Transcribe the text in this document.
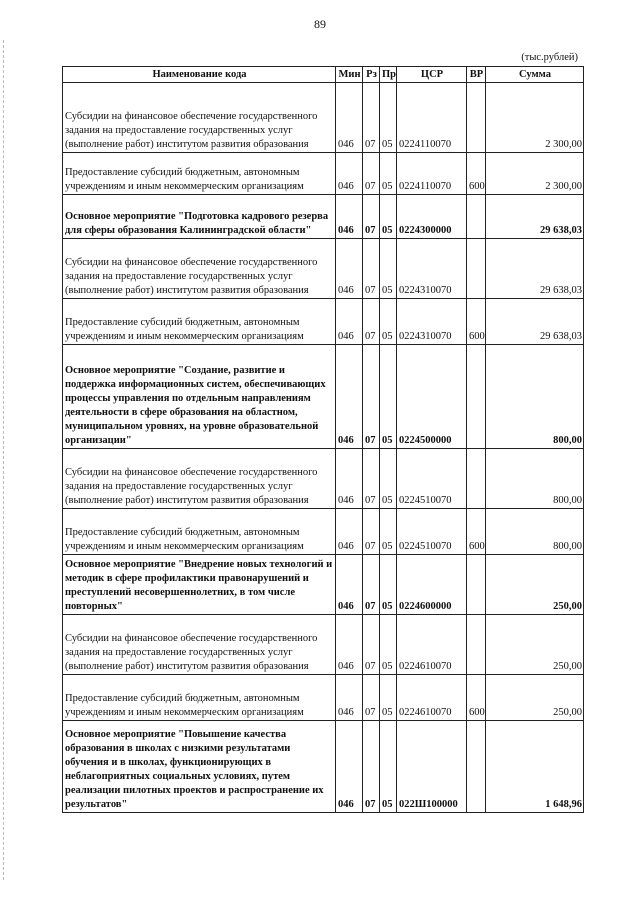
89
(тыс.рублей)
Наименование кода	Мин	Рз	Пр	ЦСР	ВР	Сумма
Субсидии на финансовое обеспечение государственного задания на предоставление государственных услуг (выполнение работ) институтом развития образования	046	07	05	0224110070		2 300,00
Предоставление субсидий бюджетным, автономным учреждениям и иным некоммерческим организациям	046	07	05	0224110070	600	2 300,00
Основное мероприятие "Подготовка кадрового резерва для сферы образования Калининградской области"	046	07	05	0224300000		29 638,03
Субсидии на финансовое обеспечение государственного задания на предоставление государственных услуг (выполнение работ) институтом развития образования	046	07	05	0224310070		29 638,03
Предоставление субсидий бюджетным, автономным учреждениям и иным некоммерческим организациям	046	07	05	0224310070	600	29 638,03
Основное мероприятие "Создание, развитие и поддержка информационных систем, обеспечивающих процессы управления по отдельным направлениям деятельности в сфере образования на областном, муниципальном уровнях, на уровне образовательной организации"	046	07	05	0224500000		800,00
Субсидии на финансовое обеспечение государственного задания на предоставление государственных услуг (выполнение работ) институтом развития образования	046	07	05	0224510070		800,00
Предоставление субсидий бюджетным, автономным учреждениям и иным некоммерческим организациям	046	07	05	0224510070	600	800,00
Основное мероприятие "Внедрение новых технологий и методик в сфере профилактики правонарушений и преступлений несовершеннолетних, в том числе повторных"	046	07	05	0224600000		250,00
Субсидии на финансовое обеспечение государственного задания на предоставление государственных услуг (выполнение работ) институтом развития образования	046	07	05	0224610070		250,00
Предоставление субсидий бюджетным, автономным учреждениям и иным некоммерческим организациям	046	07	05	0224610070	600	250,00
Основное мероприятие "Повышение качества образования в школах с низкими результатами обучения и в школах, функционирующих в неблагоприятных социальных условиях, путем реализации пилотных проектов и распространение их результатов"	046	07	05	022Ш100000		1 648,96
